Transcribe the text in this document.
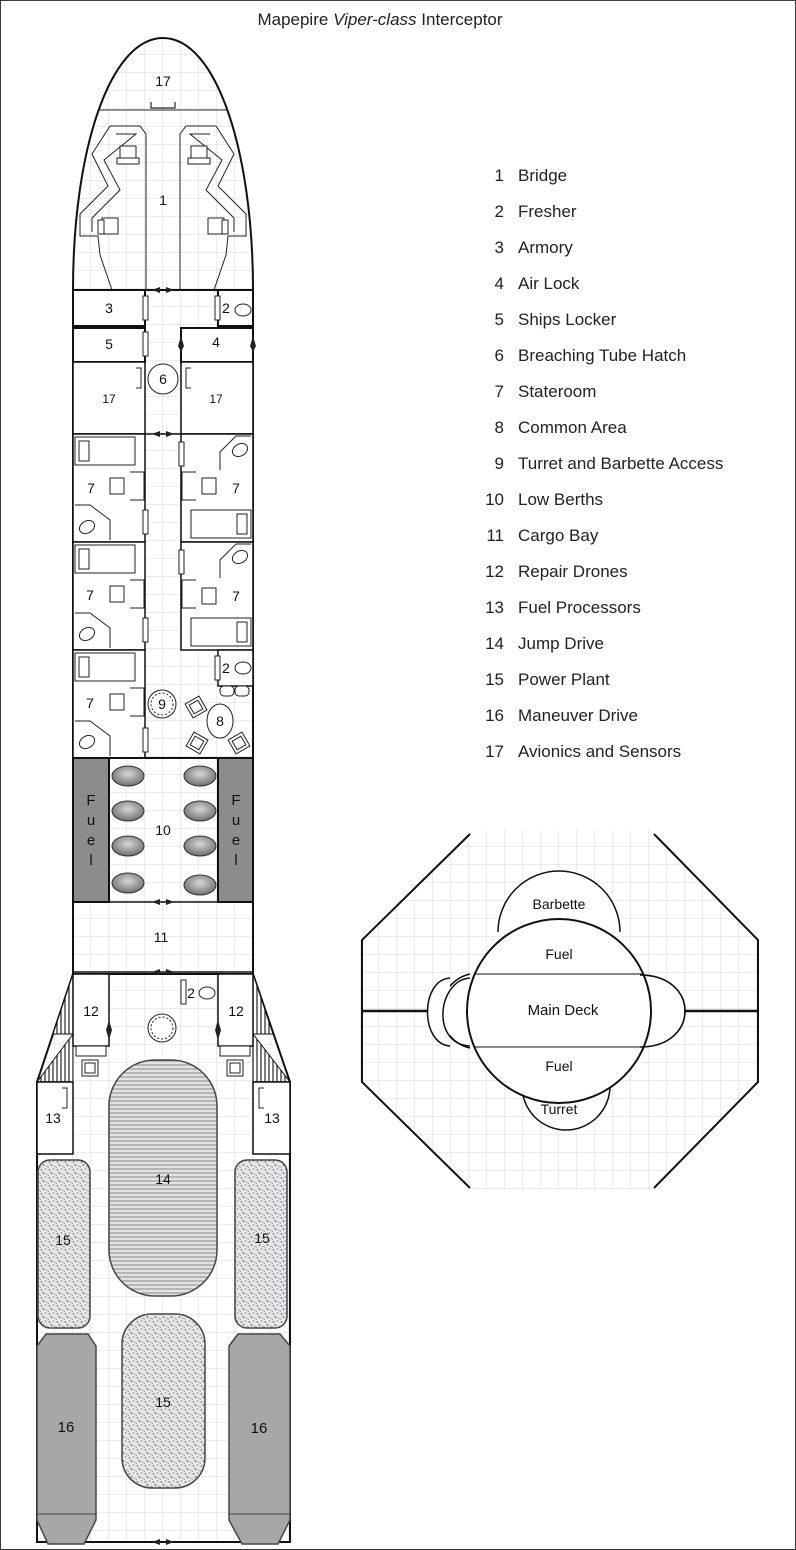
Mapepire Viper-class Interceptor
1 Bridge
2 Fresher
3 Armory
4 Air Lock
5 Ships Locker
6 Breaching Tube Hatch
7 Stateroom
8 Common Area
9 Turret and Barbette Access
10 Low Berths
11 Cargo Bay
12 Repair Drones
13 Fuel Processors
14 Jump Drive
15 Power Plant
16 Maneuver Drive
17 Avionics and Sensors
17
1
3	2
5	4
17	17
6
7	7
7	7
7
2
9
8
F
u
e
l
F
u
e
l
10
11
12	12
2
13	13
14
15	15
15
16	16
Barbette
Fuel
Main Deck
Fuel
Turret
